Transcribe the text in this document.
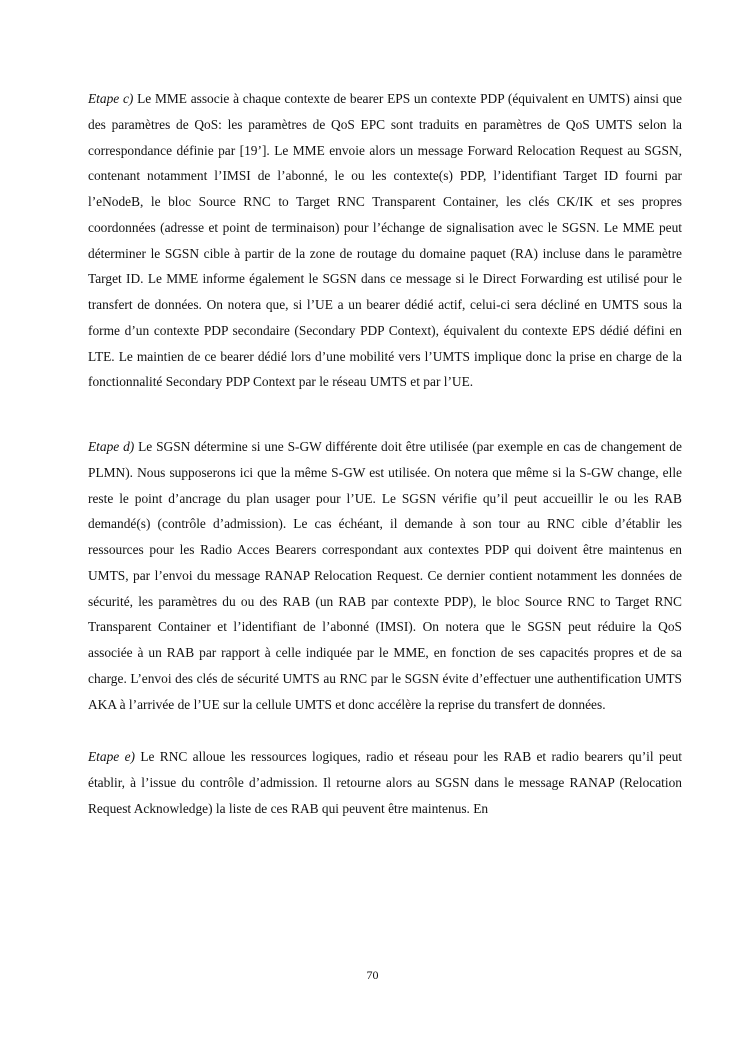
Etape c) Le MME associe à chaque contexte de bearer EPS un contexte PDP (équivalent en UMTS) ainsi que des paramètres de QoS: les paramètres de QoS EPC sont traduits en paramètres de QoS UMTS selon la correspondance définie par [19’]. Le MME envoie alors un message Forward Relocation Request au SGSN, contenant notamment l’IMSI de l’abonné, le ou les contexte(s) PDP, l’identifiant Target ID fourni par l’eNodeB, le bloc Source RNC to Target RNC Transparent Container, les clés CK/IK et ses propres coordonnées (adresse et point de terminaison) pour l’échange de signalisation avec le SGSN. Le MME peut déterminer le SGSN cible à partir de la zone de routage du domaine paquet (RA) incluse dans le paramètre Target ID. Le MME informe également le SGSN dans ce message si le Direct Forwarding est utilisé pour le transfert de données. On notera que, si l’UE a un bearer dédié actif, celui-ci sera décliné en UMTS sous la forme d’un contexte PDP secondaire (Secondary PDP Context), équivalent du contexte EPS dédié défini en LTE. Le maintien de ce bearer dédié lors d’une mobilité vers l’UMTS implique donc la prise en charge de la fonctionnalité Secondary PDP Context par le réseau UMTS et par l’UE.

Etape d) Le SGSN détermine si une S-GW différente doit être utilisée (par exemple en cas de changement de PLMN). Nous supposerons ici que la même S-GW est utilisée. On notera que même si la S-GW change, elle reste le point d’ancrage du plan usager pour l’UE. Le SGSN vérifie qu’il peut accueillir le ou les RAB demandé(s) (contrôle d’admission). Le cas échéant, il demande à son tour au RNC cible d’établir les ressources pour les Radio Acces Bearers correspondant aux contextes PDP qui doivent être maintenus en UMTS, par l’envoi du message RANAP Relocation Request. Ce dernier contient notamment les données de sécurité, les paramètres du ou des RAB (un RAB par contexte PDP), le bloc Source RNC to Target RNC Transparent Container et l’identifiant de l’abonné (IMSI). On notera que le SGSN peut réduire la QoS associée à un RAB par rapport à celle indiquée par le MME, en fonction de ses capacités propres et de sa charge. L’envoi des clés de sécurité UMTS au RNC par le SGSN évite d’effectuer une authentification UMTS AKA à l’arrivée de l’UE sur la cellule UMTS et donc accélère la reprise du transfert de données.

Etape e) Le RNC alloue les ressources logiques, radio et réseau pour les RAB et radio bearers qu’il peut établir, à l’issue du contrôle d’admission. Il retourne alors au SGSN dans le message RANAP (Relocation Request Acknowledge) la liste de ces RAB qui peuvent être maintenus. En

70
